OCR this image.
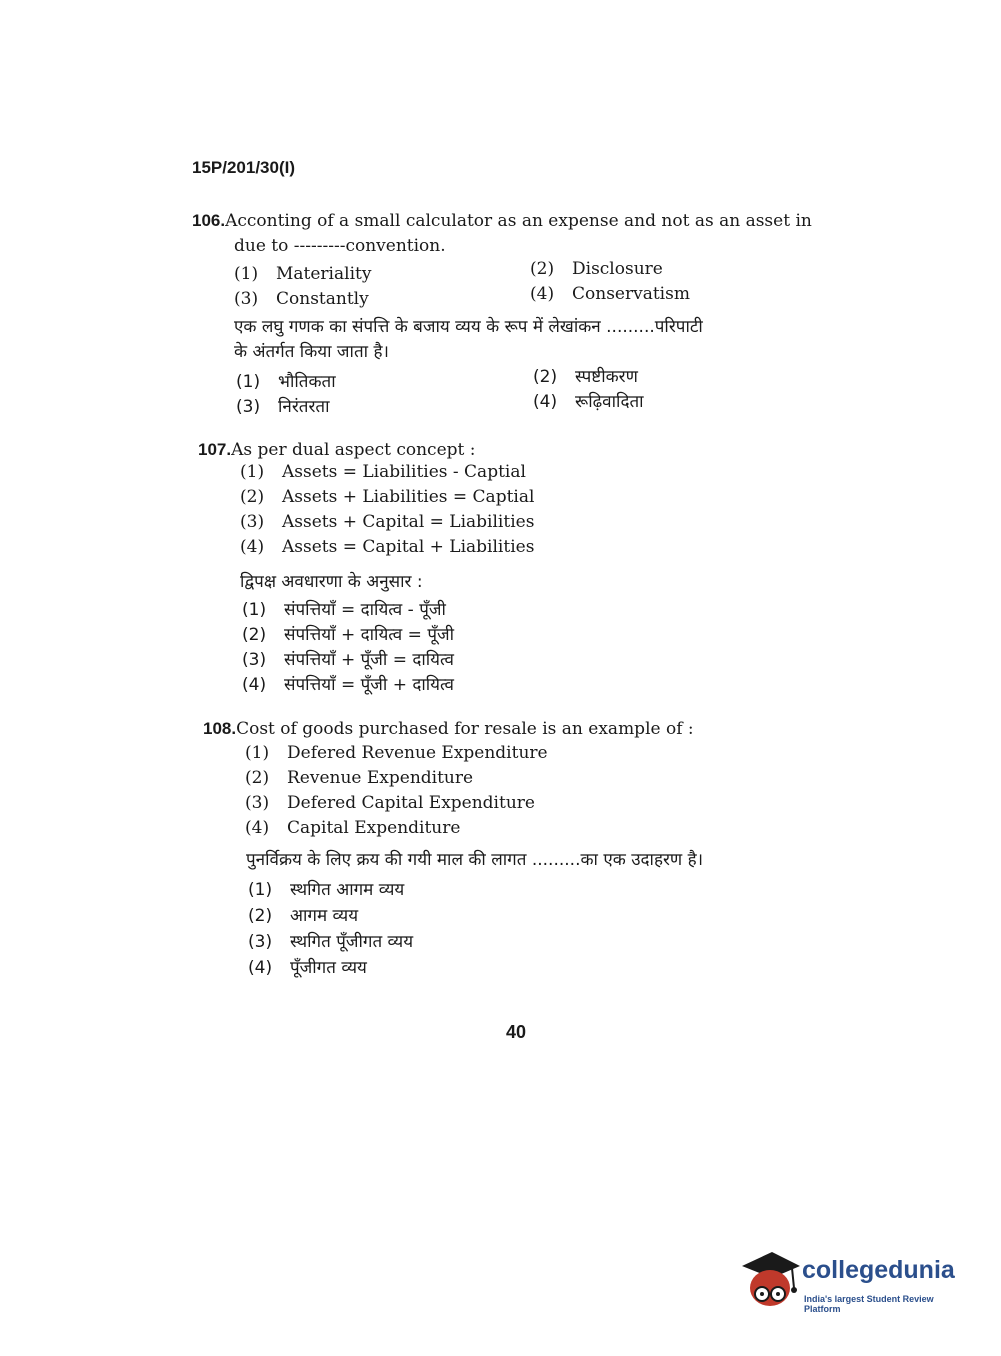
15P/201/30(I)
106.Acconting of a small calculator as an expense and not as an asset in
due to ---------convention.
(1) Materiality	(2) Disclosure
(3) Constantly	(4) Conservatism
एक लघु गणक का संपत्ति के बजाय व्यय के रूप में लेखांकन .........परिपाटी
के अंतर्गत किया जाता है।
(1) भौतिकता	(2) स्पष्टीकरण
(3) निरंतरता	(4) रूढ़िवादिता
107.As per dual aspect concept :
(1) Assets = Liabilities - Captial
(2) Assets + Liabilities = Captial
(3) Assets + Capital = Liabilities
(4) Assets = Capital + Liabilities
द्विपक्ष अवधारणा के अनुसार :
(1) संपत्तियाँ = दायित्व - पूँजी
(2) संपत्तियाँ + दायित्व = पूँजी
(3) संपत्तियाँ + पूँजी = दायित्व
(4) संपत्तियाँ = पूँजी + दायित्व
108.Cost of goods purchased for resale is an example of :
(1) Defered Revenue Expenditure
(2) Revenue Expenditure
(3) Defered Capital Expenditure
(4) Capital Expenditure
पुनर्विक्रय के लिए क्रय की गयी माल की लागत .........का एक उदाहरण है।
(1) स्थगित आगम व्यय
(2) आगम व्यय
(3) स्थगित पूँजीगत व्यय
(4) पूँजीगत व्यय
40
collegedunia
India's largest Student Review Platform
